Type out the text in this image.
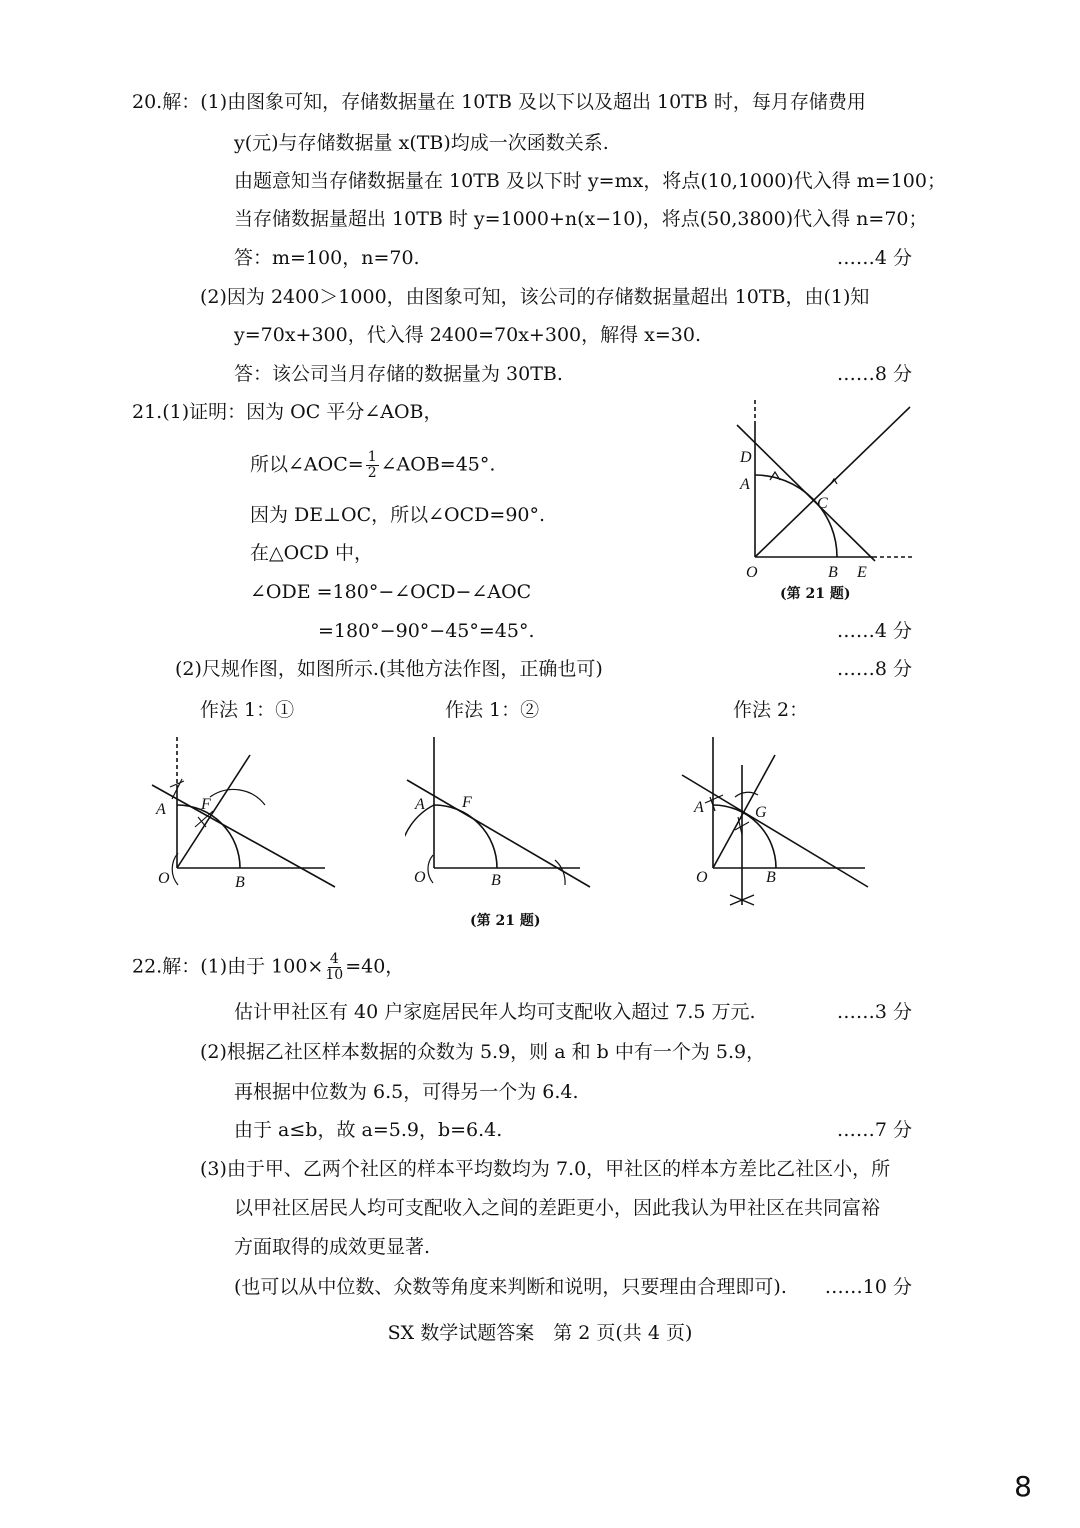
20.解：(1)由图象可知，存储数据量在 10TB 及以下以及超出 10TB 时，每月存储费用
y(元)与存储数据量 x(TB)均成一次函数关系.
由题意知当存储数据量在 10TB 及以下时 y=mx，将点(10,1000)代入得 m=100；
当存储数据量超出 10TB 时 y=1000+n(x−10)，将点(50,3800)代入得 n=70；
答：m=100，n=70.	……4 分
(2)因为 2400＞1000，由图象可知，该公司的存储数据量超出 10TB，由(1)知
y=70x+300，代入得 2400=70x+300，解得 x=30.
答：该公司当月存储的数据量为 30TB.	……8 分
21.(1)证明：因为 OC 平分∠AOB，
所以∠AOC= $\frac{1}{2}$ ∠AOB=45°.
因为 DE⊥OC，所以∠OCD=90°.
在△OCD 中，
∠ODE =180°−∠OCD−∠AOC
=180°−90°−45°=45°.	……4 分
(2)尺规作图，如图所示.(其他方法作图，正确也可)	……8 分
D
A
C
O	B E
(第 21 题)
作法 1：①	作法 1：②	作法 2：
A F
O	B
A F
O	B
A	G
O	B
(第 21 题)
22.解：(1)由于 $100\times \frac{4}{10} =40$，
估计甲社区有 40 户家庭居民年人均可支配收入超过 7.5 万元.	……3 分
(2)根据乙社区样本数据的众数为 5.9，则 a 和 b 中有一个为 5.9，
再根据中位数为 6.5，可得另一个为 6.4.
由于 a≤b，故 a=5.9，b=6.4.	……7 分
(3)由于甲、乙两个社区的样本平均数均为 7.0，甲社区的样本方差比乙社区小，所
以甲社区居民人均可支配收入之间的差距更小，因此我认为甲社区在共同富裕
方面取得的成效更显著.
(也可以从中位数、众数等角度来判断和说明，只要理由合理即可). ……10 分
SX 数学试题答案　第 2 页(共 4 页)
8
